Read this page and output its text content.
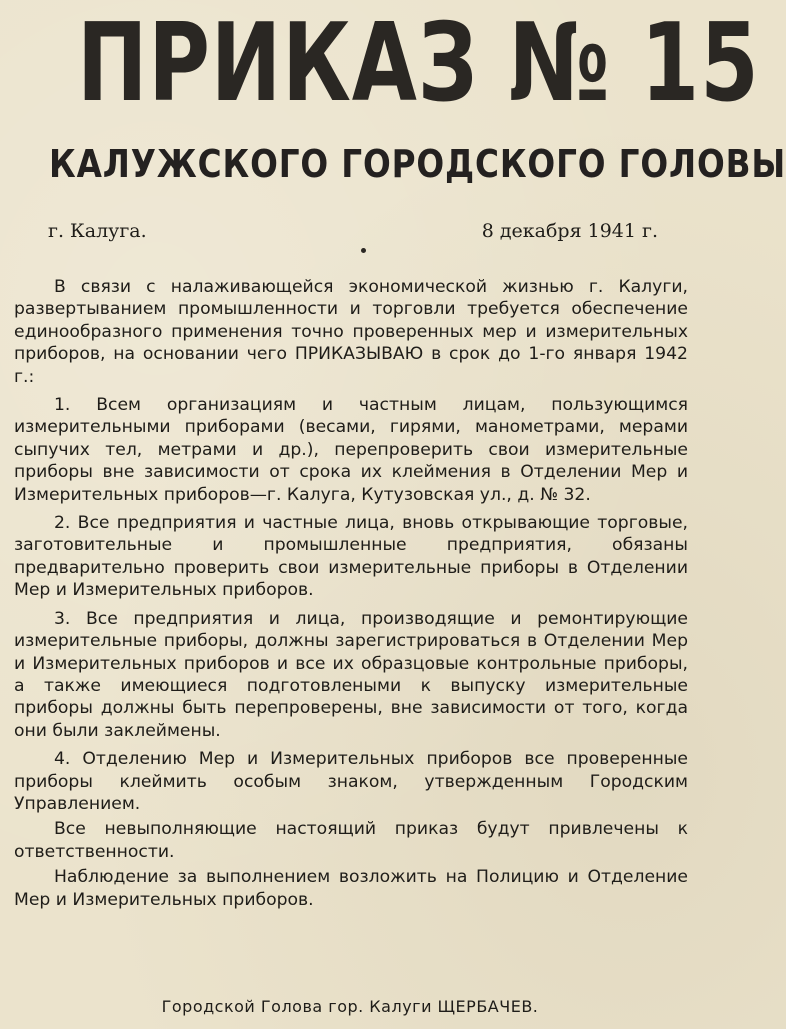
ПРИКАЗ № 15
КАЛУЖСКОГО ГОРОДСКОГО ГОЛОВЫ
г. Калуга.	8 декабря 1941 г.

В связи с налаживающейся экономической жизнью г. Калуги, развертыванием промышленности и торговли требуется обеспечение единообразного применения точно проверенных мер и измерительных приборов, на основании чего ПРИКАЗЫВАЮ в срок до 1-го января 1942 г.:

1. Всем организациям и частным лицам, пользующимся измерительными приборами (весами, гирями, манометрами, мерами сыпучих тел, метрами и др.), перепроверить свои измерительные приборы вне зависимости от срока их клеймения в Отделении Мер и Измерительных приборов—г. Калуга, Кутузовская ул., д. № 32.

2. Все предприятия и частные лица, вновь открывающие торговые, заготовительные и промышленные предприятия, обязаны предварительно проверить свои измерительные приборы в Отделении Мер и Измерительных приборов.

3. Все предприятия и лица, производящие и ремонтирующие измерительные приборы, должны зарегистрироваться в Отделении Мер и Измерительных приборов и все их образцовые контрольные приборы, а также имеющиеся подготовлеными к выпуску измерительные приборы должны быть перепроверены, вне зависимости от того, когда они были заклеймены.

4. Отделению Мер и Измерительных приборов все проверенные приборы клеймить особым знаком, утвержденным Городским Управлением.

Все невыполняющие настоящий приказ будут привлечены к ответственности.

Наблюдение за выполнением возложить на Полицию и Отделение Мер и Измерительных приборов.

Городской Голова гор. Калуги ЩЕРБАЧЕВ.
